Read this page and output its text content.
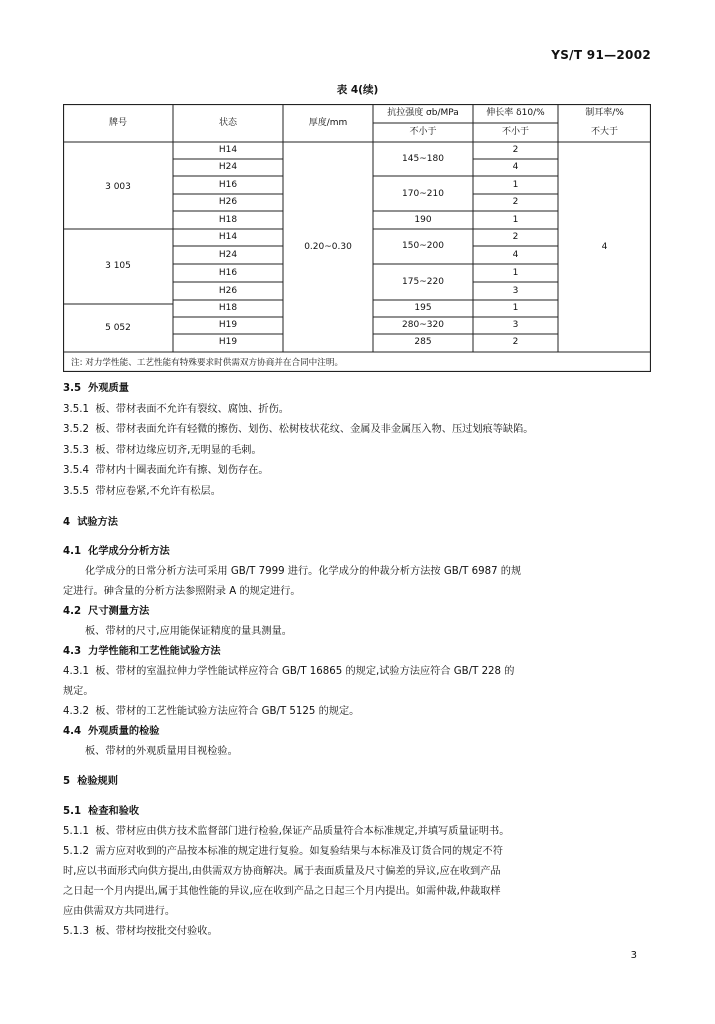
YS/T 91—2002
表 4(续)
牌号	状态	厚度/mm
抗拉强度 σb/MPa
不小于
伸长率 δ10/%
不小于
制耳率/%
不大于
3 003
3 105
5 052
H14
H24
H16
H26
H18
H14
H24
H16
H26
H18
H19
H19
0.20~0.30
145~180
170~210
190
150~200
175~220
195
280~320
285
2
4
1
2
1
2
4
1
3
1
3
2
4
注: 对力学性能、工艺性能有特殊要求时供需双方协商并在合同中注明。
3.5 外观质量
3.5.1 板、带材表面不允许有裂纹、腐蚀、折伤。
3.5.2 板、带材表面允许有轻微的擦伤、划伤、松树枝状花纹、金属及非金属压入物、压过划痕等缺陷。
3.5.3 板、带材边缘应切齐,无明显的毛刺。
3.5.4 带材内十圈表面允许有擦、划伤存在。
3.5.5 带材应卷紧,不允许有松层。
4 试验方法
4.1 化学成分分析方法
化学成分的日常分析方法可采用 GB/T 7999 进行。化学成分的仲裁分析方法按 GB/T 6987 的规
定进行。砷含量的分析方法参照附录 A 的规定进行。
4.2 尺寸测量方法
板、带材的尺寸,应用能保证精度的量具测量。
4.3 力学性能和工艺性能试验方法
4.3.1 板、带材的室温拉伸力学性能试样应符合 GB/T 16865 的规定,试验方法应符合 GB/T 228 的
规定。
4.3.2 板、带材的工艺性能试验方法应符合 GB/T 5125 的规定。
4.4 外观质量的检验
板、带材的外观质量用目视检验。
5 检验规则
5.1 检查和验收
5.1.1 板、带材应由供方技术监督部门进行检验,保证产品质量符合本标准规定,并填写质量证明书。
5.1.2 需方应对收到的产品按本标准的规定进行复验。如复验结果与本标准及订货合同的规定不符
时,应以书面形式向供方提出,由供需双方协商解决。属于表面质量及尺寸偏差的异议,应在收到产品
之日起一个月内提出,属于其他性能的异议,应在收到产品之日起三个月内提出。如需仲裁,仲裁取样
应由供需双方共同进行。
5.1.3 板、带材均按批交付验收。
3
